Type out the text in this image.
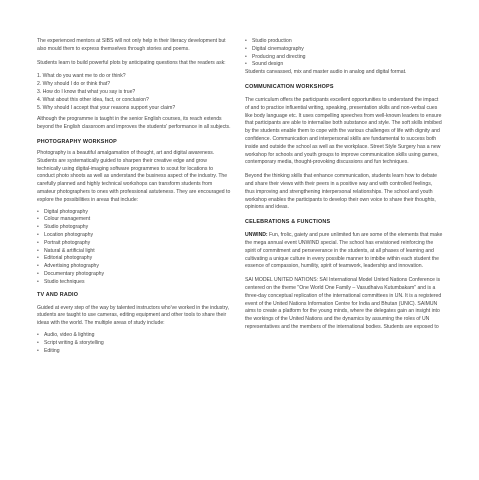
The experienced mentors at SIBS will not only help in their literacy development but also mould them to express themselves through stories and poems.

Students learn to build powerful plots by anticipating questions that the readers ask:

1. What do you want me to do or think?
2. Why should I do or think that?
3. How do I know that what you say is true?
4. What about this other idea, fact, or conclusion?
5. Why should I accept that your reasons support your claim?

Although the programme is taught in the senior English courses, its reach extends beyond the English classroom and improves the students' performance in all subjects.

PHOTOGRAPHY WORKSHOP

Photography is a beautiful amalgamation of thought, art and digital awareness. Students are systematically guided to sharpen their creative edge and grow technically using digital-imaging software programmes to scout for locations to conduct photo shoots as well as understand the business aspect of the industry. The carefully planned and highly technical workshops can transform students from amateur photographers to ones with professional astuteness. They are encouraged to explore the possibilities in areas that include:

• Digital photography
• Colour management
• Studio photography
• Location photography
• Portrait photography
• Natural & artificial light
• Editorial photography
• Advertising photography
• Documentary photography
• Studio techniques
TV AND RADIO

Guided at every step of the way by talented instructors who've worked in the industry, students are taught to use cameras, editing equipment and other tools to share their ideas with the world. The multiple areas of study include:

• Audio, video & lighting
• Script writing & storytelling
• Editing
• Studio production
• Digital cinematography
• Producing and directing
• Sound design

Students canvassed, mix and master audio in analog and digital format.

COMMUNICATION WORKSHOPS

The curriculum offers the participants excellent opportunities to understand the impact of and to practice influential writing, speaking, presentation skills and non-verbal cues like body language etc. It uses compelling speeches from well-known leaders to ensure that participants are able to internalise both substance and style. The soft skills imbibed by the students enable them to cope with the various challenges of life with dignity and confidence. Communication and interpersonal skills are fundamental to success both inside and outside the school as well as the workplace. Street Style Surgery has a new workshop for schools and youth groups to improve communication skills using games, contemporary media, thought-provoking discussions and fun techniques.

Beyond the thinking skills that enhance communication, students learn how to debate and share their views with their peers in a positive way and with controlled feelings, thus improving and strengthening interpersonal relationships. The school and youth workshop enables the participants to develop their own voice to share their thoughts, opinions and ideas.

CELEBRATIONS & FUNCTIONS

UNWIND: Fun, frolic, gaiety and pure unlimited fun are some of the elements that make the mega annual event UNWIND special. The school has envisioned reinforcing the spirit of commitment and perseverance in the students, at all phases of learning and cultivating a unique culture in every possible manner to imbibe within each student the essence of compassion, humility, spirit of teamwork, leadership and innovation.

SAI MODEL UNITED NATIONS: SAI International Model United Nations Conference is centered on the theme "One World One Family – Vasudhaiva Kutumbakam" and is a three-day conceptual replication of the international committees in UN. It is a registered event of the United Nations Information Centre for India and Bhutan (UNIC). SAIMUN aims to create a platform for the young minds, where the delegates gain an insight into the workings of the United Nations and the dynamics by assuming the roles of UN representatives and the members of the international bodies. Students are exposed to
